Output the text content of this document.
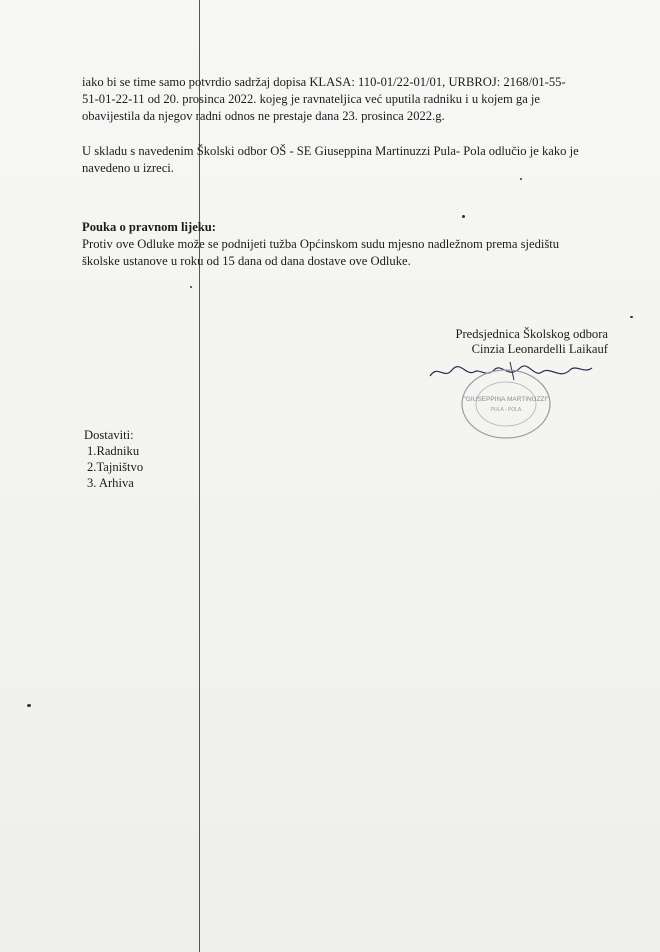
iako bi se time samo potvrdio sadržaj dopisa KLASA: 110-01/22-01/01, URBROJ: 2168/01-55-51-01-22-11 od 20. prosinca 2022. kojeg je ravnateljica već uputila radniku i u kojem ga je obavijestila da njegov radni odnos ne prestaje dana 23. prosinca 2022.g.

U skladu s navedenim Školski odbor OŠ - SE Giuseppina Martinuzzi Pula- Pola odlučio je kako je navedeno u izreci.

Pouka o pravnom lijeku:

Protiv ove Odluke može se podnijeti tužba Općinskom sudu mjesno nadležnom prema sjedištu školske ustanove u roku od 15 dana od dana dostave ove Odluke.

Predsjednica Školskog odbora
Cinzia Leonardelli Laikauf
"GIUSEPPINA MARTINUZZI"
PULA - POLA
Dostaviti:
1.Radniku
2.Tajništvo
3. Arhiva
